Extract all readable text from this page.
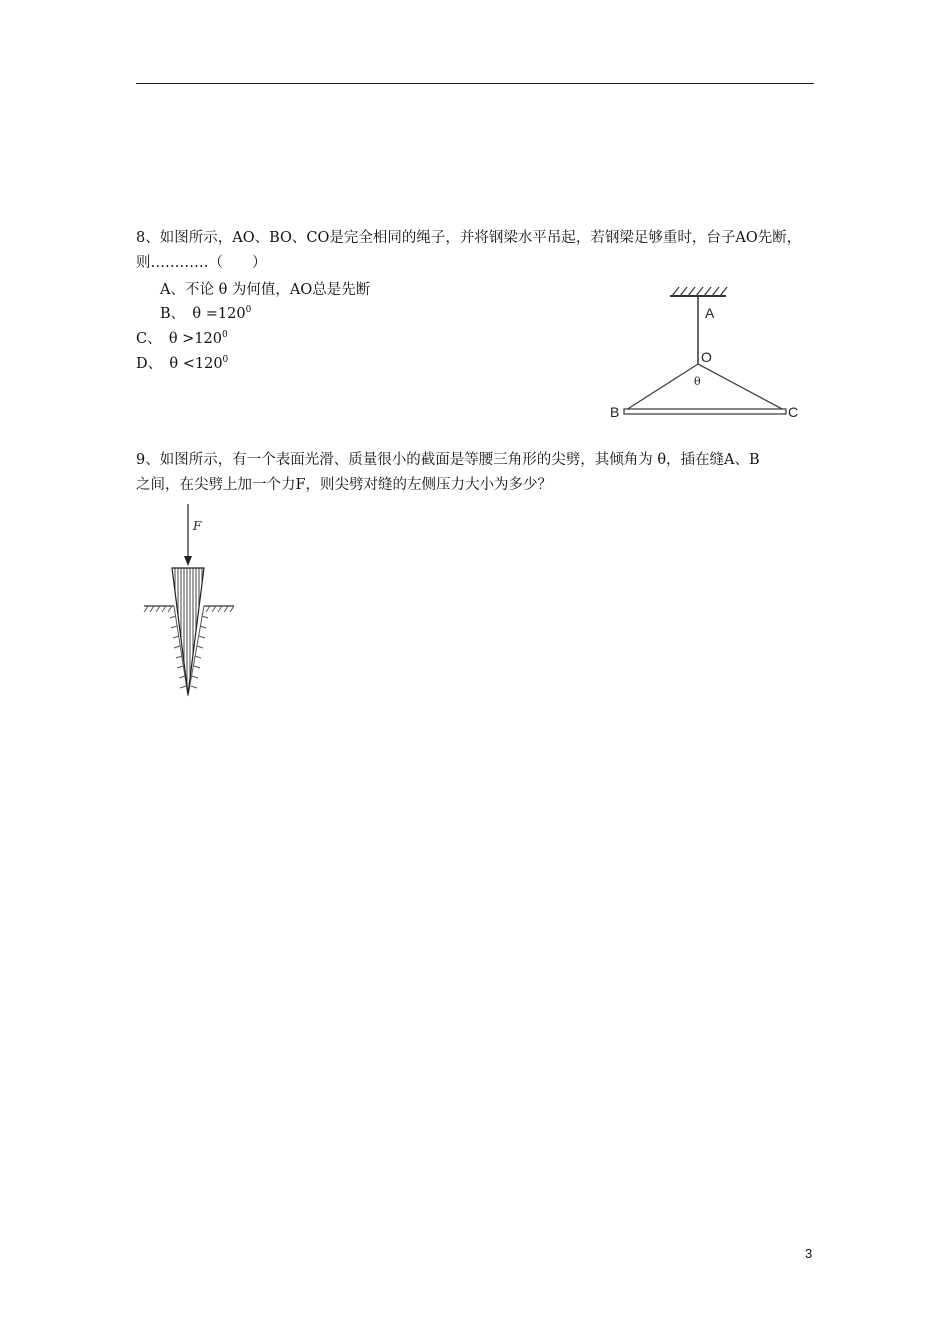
8、如图所示，AO、BO、CO是完全相同的绳子，并将钢梁水平吊起，若钢梁足够重时，台子AO先断，
则…………（　　）
A、不论 θ 为何值，AO总是先断
B、　$\theta =120^0$
C、　$\theta >120^0$
D、　$\theta <120^0$
A
O
θ
B	C
9、如图所示，有一个表面光滑、质量很小的截面是等腰三角形的尖劈，其倾角为 θ，插在缝A、B
之间，在尖劈上加一个力F，则尖劈对缝的左侧压力大小为多少？
F
3
